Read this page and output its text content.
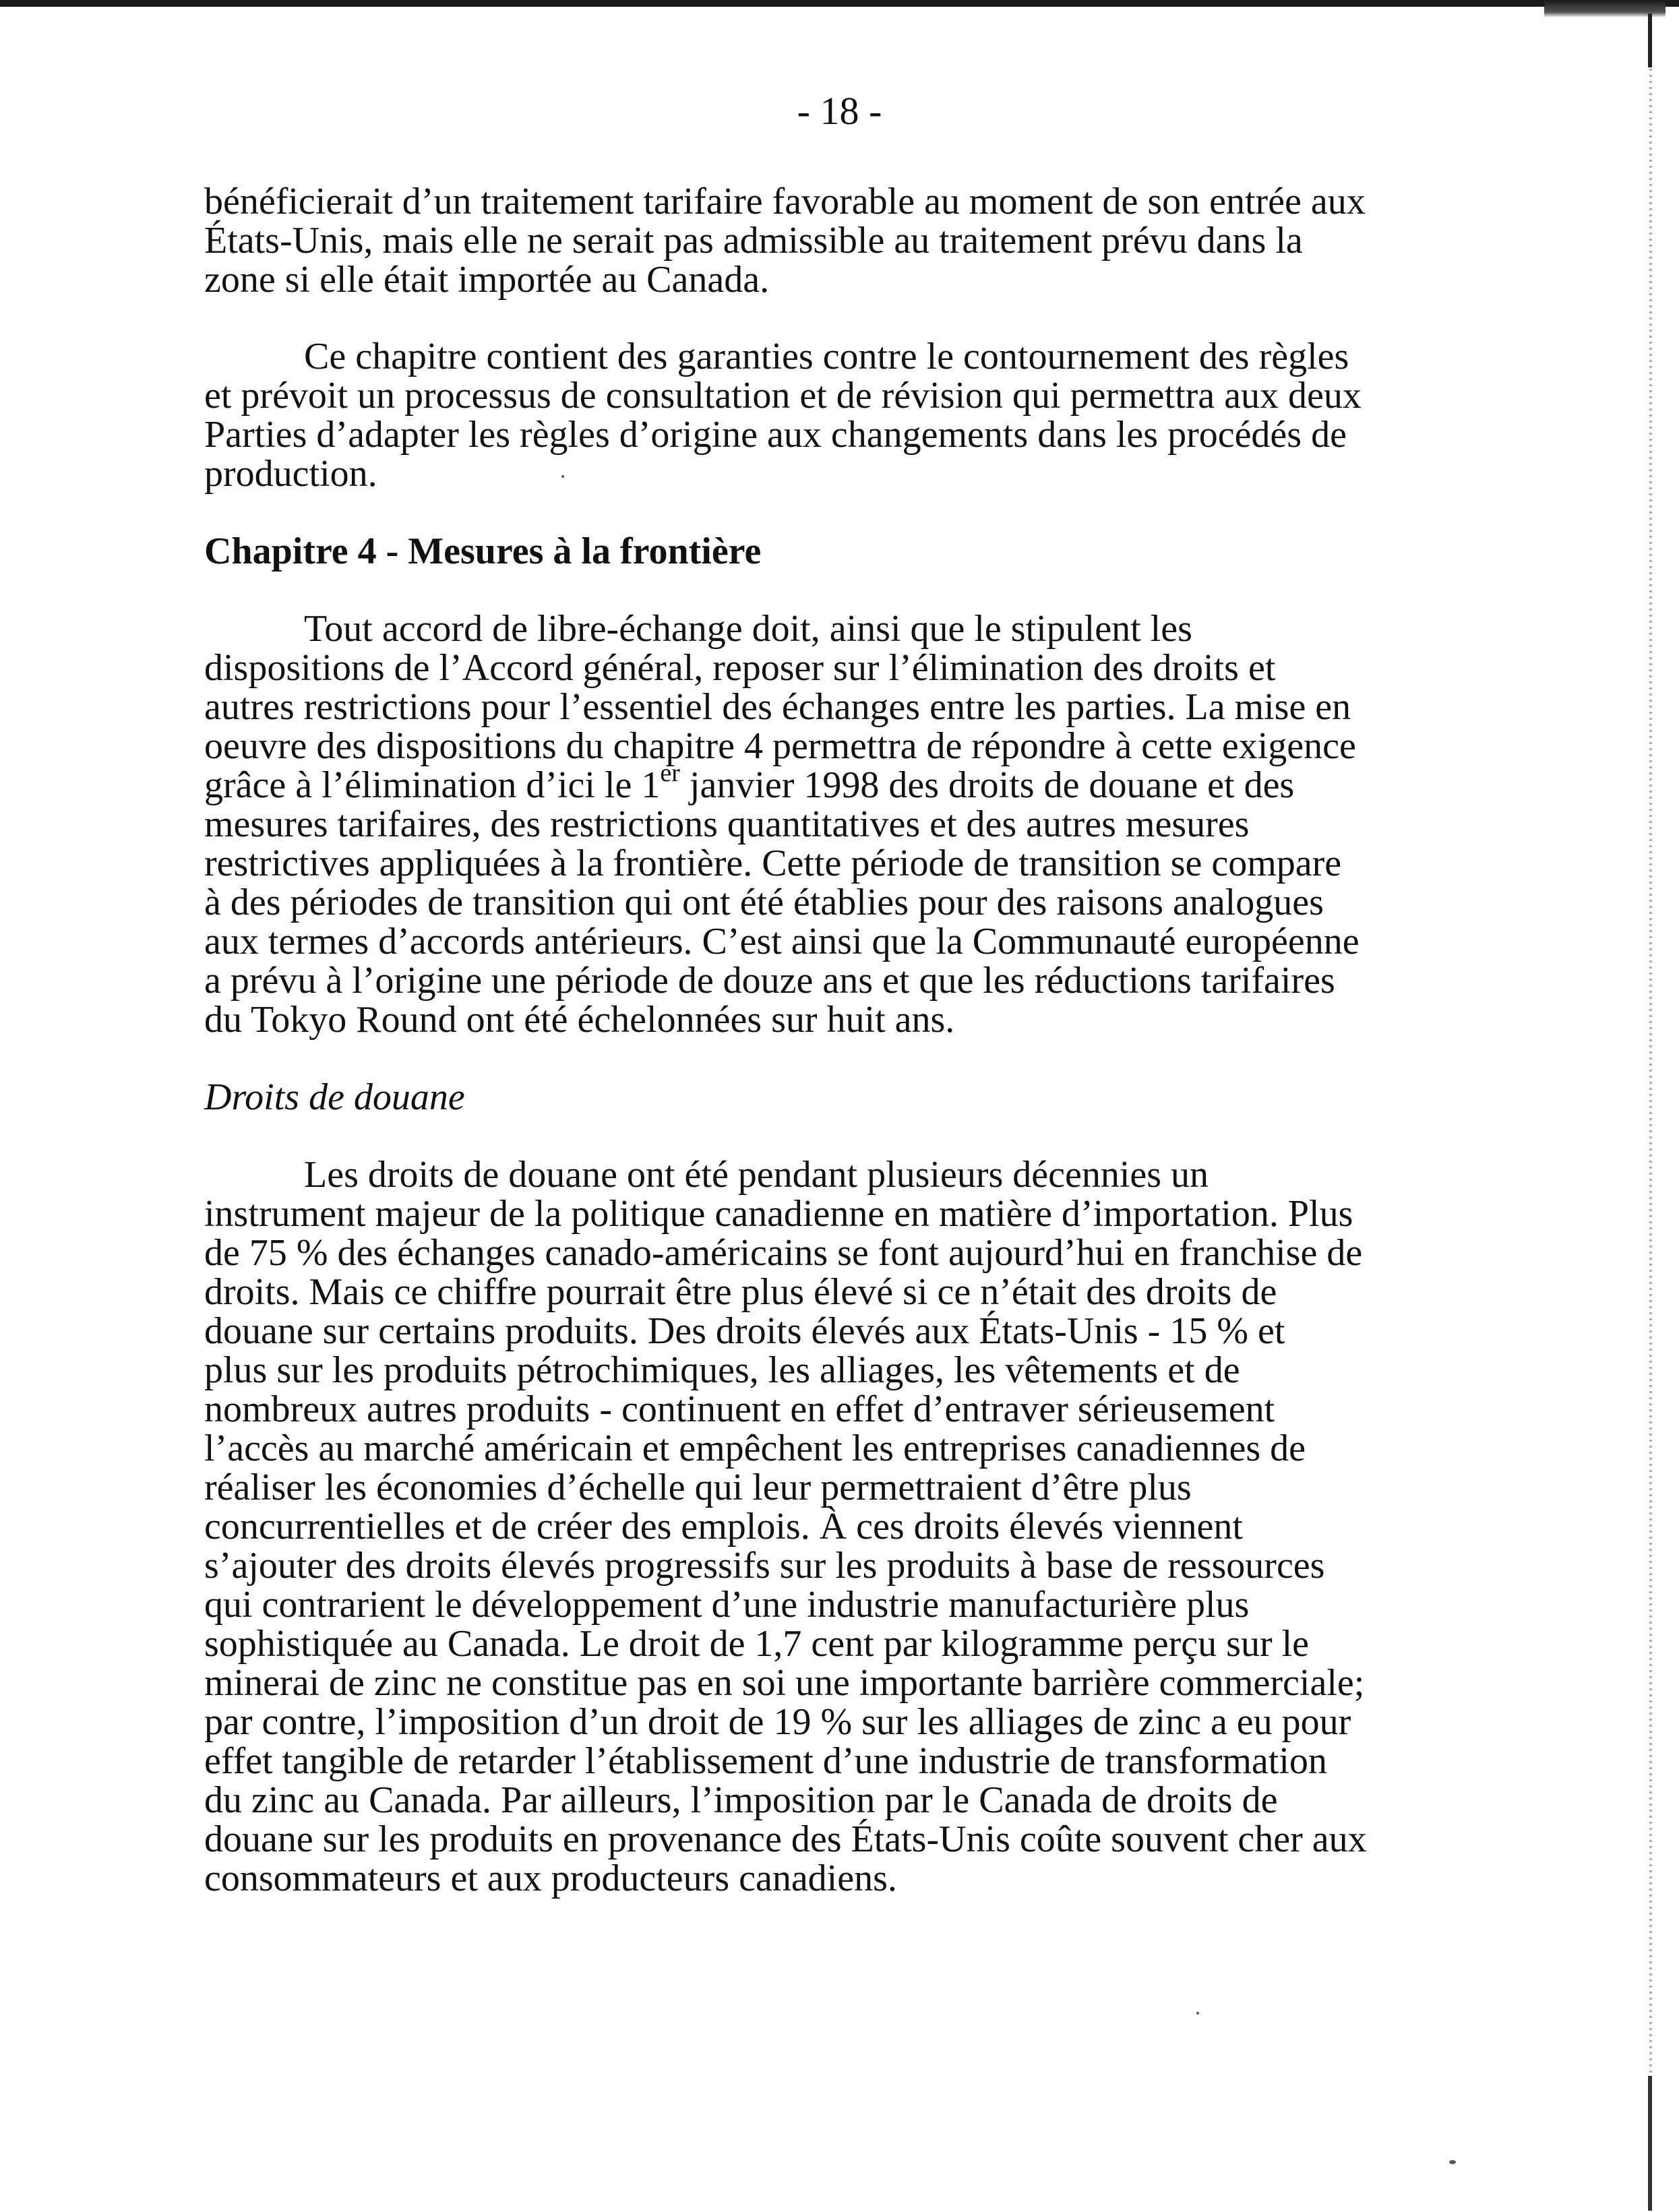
- 18 -

bénéficierait d’un traitement tarifaire favorable au moment de son entrée aux
États-Unis, mais elle ne serait pas admissible au traitement prévu dans la
zone si elle était importée au Canada.

Ce chapitre contient des garanties contre le contournement des règles
et prévoit un processus de consultation et de révision qui permettra aux deux
Parties d’adapter les règles d’origine aux changements dans les procédés de
production.

Chapitre 4 - Mesures à la frontière

Tout accord de libre-échange doit, ainsi que le stipulent les
dispositions de l’Accord général, reposer sur l’élimination des droits et
autres restrictions pour l’essentiel des échanges entre les parties. La mise en
oeuvre des dispositions du chapitre 4 permettra de répondre à cette exigence
grâce à l’élimination d’ici le 1er janvier 1998 des droits de douane et des
mesures tarifaires, des restrictions quantitatives et des autres mesures
restrictives appliquées à la frontière. Cette période de transition se compare
à des périodes de transition qui ont été établies pour des raisons analogues
aux termes d’accords antérieurs. C’est ainsi que la Communauté européenne
a prévu à l’origine une période de douze ans et que les réductions tarifaires
du Tokyo Round ont été échelonnées sur huit ans.

Droits de douane

Les droits de douane ont été pendant plusieurs décennies un
instrument majeur de la politique canadienne en matière d’importation. Plus
de 75 % des échanges canado-américains se font aujourd’hui en franchise de
droits. Mais ce chiffre pourrait être plus élevé si ce n’était des droits de
douane sur certains produits. Des droits élevés aux États-Unis - 15 % et
plus sur les produits pétrochimiques, les alliages, les vêtements et de
nombreux autres produits - continuent en effet d’entraver sérieusement
l’accès au marché américain et empêchent les entreprises canadiennes de
réaliser les économies d’échelle qui leur permettraient d’être plus
concurrentielles et de créer des emplois. À ces droits élevés viennent
s’ajouter des droits élevés progressifs sur les produits à base de ressources
qui contrarient le développement d’une industrie manufacturière plus
sophistiquée au Canada. Le droit de 1,7 cent par kilogramme perçu sur le
minerai de zinc ne constitue pas en soi une importante barrière commerciale;
par contre, l’imposition d’un droit de 19 % sur les alliages de zinc a eu pour
effet tangible de retarder l’établissement d’une industrie de transformation
du zinc au Canada. Par ailleurs, l’imposition par le Canada de droits de
douane sur les produits en provenance des États-Unis coûte souvent cher aux
consommateurs et aux producteurs canadiens.
